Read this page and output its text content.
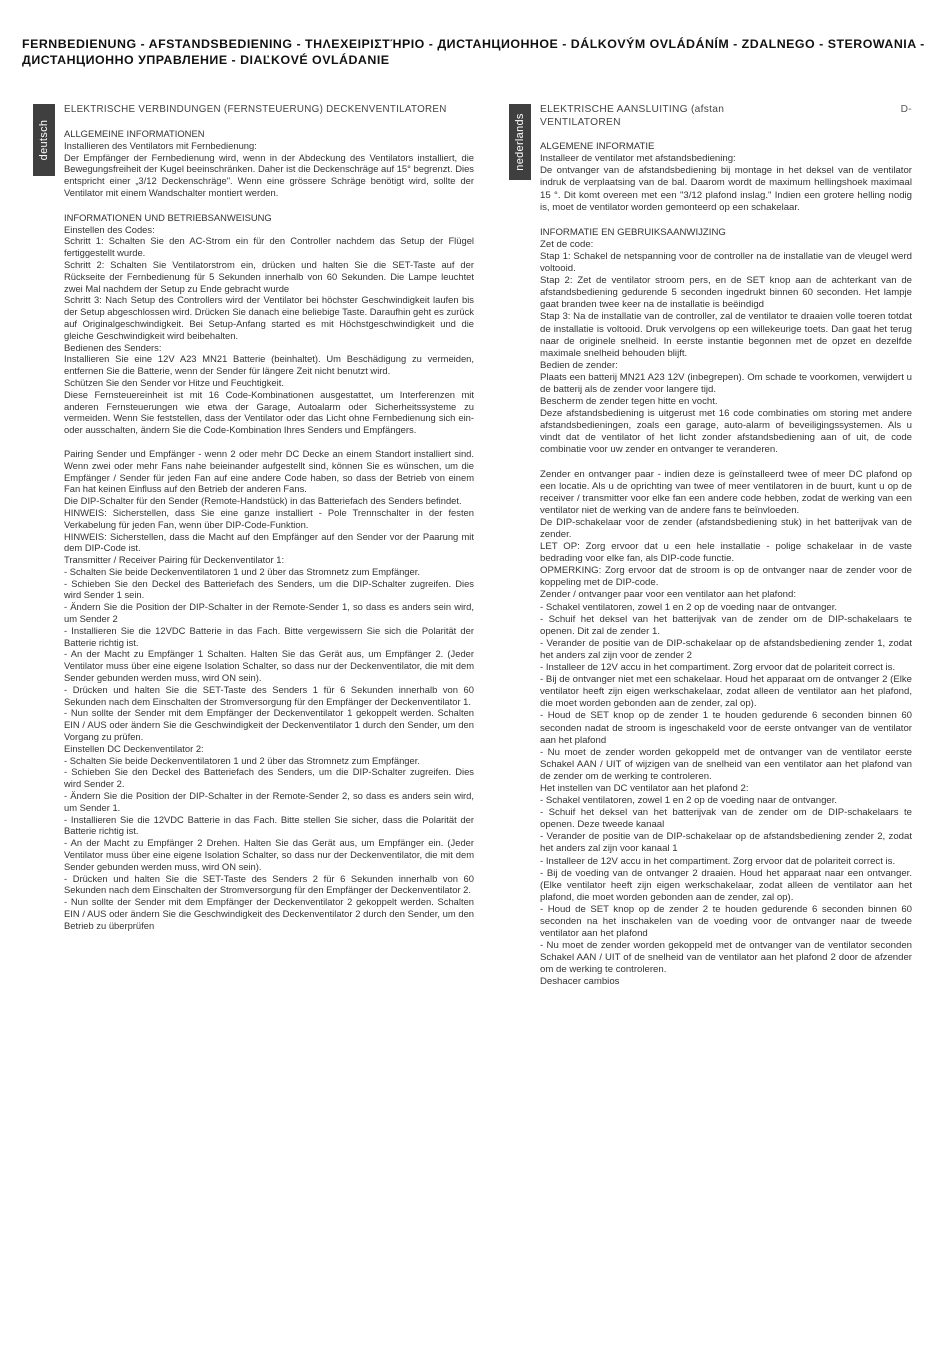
FERNBEDIENUNG - AFSTANDSBEDIENING - ΤΗΛΕΧΕΙΡΙΣΤΉΡΙΟ - ДИСТАНЦИОННОЕ - DÁLKOVÝM OVLÁDÁNÍM - ZDALNEGO - STEROWANIA - ДИСТАНЦИОННО УПРАВЛЕНИЕ - DIAĽKOVÉ OVLÁDANIE
deutsch	nederlands
ELEKTRISCHE VERBINDUNGEN (FERNSTEUERUNG) DECKENVENTILATOREN

ALLGEMEINE INFORMATIONEN

Installieren des Ventilators mit Fernbedienung:

Der Empfänger der Fernbedienung wird, wenn in der Abdeckung des Ventilators installiert, die Bewegungsfreiheit der Kugel beeinschränken. Daher ist die Deckenschräge auf 15° begrenzt. Dies entspricht einer „3/12 Deckenschräge". Wenn eine grössere Schräge benötigt wird, sollte der Ventilator mit einem Wandschalter montiert werden.

INFORMATIONEN UND BETRIEBSANWEISUNG

Einstellen des Codes:

Schritt 1: Schalten Sie den AC-Strom ein für den Controller nachdem das Setup der Flügel fertiggestellt wurde.

Schritt 2: Schalten Sie Ventilatorstrom ein, drücken und halten Sie die SET-Taste auf der Rückseite der Fernbedienung für 5 Sekunden innerhalb von 60 Sekunden. Die Lampe leuchtet zwei Mal nachdem der Setup zu Ende gebracht wurde

Schritt 3: Nach Setup des Controllers wird der Ventilator bei höchster Geschwindigkeit laufen bis der Setup abgeschlossen wird. Drücken Sie danach eine beliebige Taste. Daraufhin geht es zurück auf Originalgeschwindigkeit. Bei Setup-Anfang started es mit Höchstgeschwindigkeit und die gleiche Geschwindigkeit wird beibehalten.

Bedienen des Senders:

Installieren Sie eine 12V A23 MN21 Batterie (beinhaltet). Um Beschädigung zu vermeiden, entfernen Sie die Batterie, wenn der Sender für längere Zeit nicht benutzt wird.

Schützen Sie den Sender vor Hitze und Feuchtigkeit.

Diese Fernsteuereinheit ist mit 16 Code-Kombinationen ausgestattet, um Interferenzen mit anderen Fernsteuerungen wie etwa der Garage, Autoalarm oder Sicherheitssysteme zu vermeiden. Wenn Sie feststellen, dass der Ventilator oder das Licht ohne Fernbedienung sich ein- oder ausschalten, ändern Sie die Code-Kombination Ihres Senders und Empfängers.

Pairing Sender und Empfänger - wenn 2 oder mehr DC Decke an einem Standort installiert sind. Wenn zwei oder mehr Fans nahe beieinander aufgestellt sind, können Sie es wünschen, um die Empfänger / Sender für jeden Fan auf eine andere Code haben, so dass der Betrieb von einem Fan hat keinen Einfluss auf den Betrieb der anderen Fans.

Die DIP-Schalter für den Sender (Remote-Handstück) in das Batteriefach des Senders befindet.

HINWEIS: Sicherstellen, dass Sie eine ganze installiert - Pole Trennschalter in der festen Verkabelung für jeden Fan, wenn über DIP-Code-Funktion.

HINWEIS: Sicherstellen, dass die Macht auf den Empfänger auf den Sender vor der Paarung mit dem DIP-Code ist.

Transmitter / Receiver Pairing für Deckenventilator 1:

- Schalten Sie beide Deckenventilatoren 1 und 2 über das Stromnetz zum Empfänger.

- Schieben Sie den Deckel des Batteriefach des Senders, um die DIP-Schalter zugreifen. Dies wird Sender 1 sein.

- Ändern Sie die Position der DIP-Schalter in der Remote-Sender 1, so dass es anders sein wird, um Sender 2

- Installieren Sie die 12VDC Batterie in das Fach. Bitte vergewissern Sie sich die Polarität der Batterie richtig ist.

- An der Macht zu Empfänger 1 Schalten. Halten Sie das Gerät aus, um Empfänger 2. (Jeder Ventilator muss über eine eigene Isolation Schalter, so dass nur der Deckenventilator, die mit dem Sender gebunden werden muss, wird ON sein).

- Drücken und halten Sie die SET-Taste des Senders 1 für 6 Sekunden innerhalb von 60 Sekunden nach dem Einschalten der Stromversorgung für den Empfänger der Deckenventilator 1.

- Nun sollte der Sender mit dem Empfänger der Deckenventilator 1 gekoppelt werden. Schalten EIN / AUS oder ändern Sie die Geschwindigkeit der Deckenventilator 1 durch den Sender, um den Vorgang zu prüfen.

Einstellen DC Deckenventilator 2:

- Schalten Sie beide Deckenventilatoren 1 und 2 über das Stromnetz zum Empfänger.

- Schieben Sie den Deckel des Batteriefach des Senders, um die DIP-Schalter zugreifen. Dies wird Sender 2.

- Ändern Sie die Position der DIP-Schalter in der Remote-Sender 2, so dass es anders sein wird, um Sender 1.

- Installieren Sie die 12VDC Batterie in das Fach. Bitte stellen Sie sicher, dass die Polarität der Batterie richtig ist.

- An der Macht zu Empfänger 2 Drehen. Halten Sie das Gerät aus, um Empfänger ein. (Jeder Ventilator muss über eine eigene Isolation Schalter, so dass nur der Deckenventilator, die mit dem Sender gebunden werden muss, wird ON sein).

- Drücken und halten Sie die SET-Taste des Senders 2 für 6 Sekunden innerhalb von 60 Sekunden nach dem Einschalten der Stromversorgung für den Empfänger der Deckenventilator 2.

- Nun sollte der Sender mit dem Empfänger der Deckenventilator 2 gekoppelt werden. Schalten EIN / AUS oder ändern Sie die Geschwindigkeit des Deckenventilator 2 durch den Sender, um den Betrieb zu überprüfen

ELEKTRISCHE AANSLUITING (afstan	D-

VENTILATOREN

ALGEMENE INFORMATIE

Installeer de ventilator met afstandsbediening:

De ontvanger van de afstandsbediening bij montage in het deksel van de ventilator indruk de verplaatsing van de bal. Daarom wordt de maximum hellingshoek maximaal 15 °. Dit komt overeen met een "3/12 plafond inslag." Indien een grotere helling nodig is, moet de ventilator worden gemonteerd op een schakelaar.

INFORMATIE EN GEBRUIKSAANWIJZING

Zet de code:

Stap 1: Schakel de netspanning voor de controller na de installatie van de vleugel werd voltooid.

Stap 2: Zet de ventilator stroom pers, en de SET knop aan de achterkant van de afstandsbediening gedurende 5 seconden ingedrukt binnen 60 seconden. Het lampje gaat branden twee keer na de installatie is beëindigd

Stap 3: Na de installatie van de controller, zal de ventilator te draaien volle toeren totdat de installatie is voltooid. Druk vervolgens op een willekeurige toets. Dan gaat het terug naar de originele snelheid. In eerste instantie begonnen met de opzet en dezelfde maximale snelheid behouden blijft.

Bedien de zender:

Plaats een batterij MN21 A23 12V (inbegrepen). Om schade te voorkomen, verwijdert u de batterij als de zender voor langere tijd.

Bescherm de zender tegen hitte en vocht.

Deze afstandsbediening is uitgerust met 16 code combinaties om storing met andere afstandsbedieningen, zoals een garage, auto-alarm of beveiligingssystemen. Als u vindt dat de ventilator of het licht zonder afstandsbediening aan of uit, de code combinatie voor uw zender en ontvanger te veranderen.

Zender en ontvanger paar - indien deze is geïnstalleerd twee of meer DC plafond op een locatie. Als u de oprichting van twee of meer ventilatoren in de buurt, kunt u op de receiver / transmitter voor elke fan een andere code hebben, zodat de werking van een ventilator niet de werking van de andere fans te beïnvloeden.

De DIP-schakelaar voor de zender (afstandsbediening stuk) in het batterijvak van de zender.

LET OP: Zorg ervoor dat u een hele installatie - polige schakelaar in de vaste bedrading voor elke fan, als DIP-code functie.

OPMERKING: Zorg ervoor dat de stroom is op de ontvanger naar de zender voor de koppeling met de DIP-code.

Zender / ontvanger paar voor een ventilator aan het plafond:

- Schakel ventilatoren, zowel 1 en 2 op de voeding naar de ontvanger.

- Schuif het deksel van het batterijvak van de zender om de DIP-schakelaars te openen. Dit zal de zender 1.

- Verander de positie van de DIP-schakelaar op de afstandsbediening zender 1, zodat het anders zal zijn voor de zender 2

- Installeer de 12V accu in het compartiment. Zorg ervoor dat de polariteit correct is.

- Bij de ontvanger niet met een schakelaar. Houd het apparaat om de ontvanger 2 (Elke ventilator heeft zijn eigen werkschakelaar, zodat alleen de ventilator aan het plafond, die moet worden gebonden aan de zender, zal op).

- Houd de SET knop op de zender 1 te houden gedurende 6 seconden binnen 60 seconden nadat de stroom is ingeschakeld voor de eerste ontvanger van de ventilator aan het plafond

- Nu moet de zender worden gekoppeld met de ontvanger van de ventilator eerste Schakel AAN / UIT of wijzigen van de snelheid van een ventilator aan het plafond van de zender om de werking te controleren.

Het instellen van DC ventilator aan het plafond 2:

- Schakel ventilatoren, zowel 1 en 2 op de voeding naar de ontvanger.

- Schuif het deksel van het batterijvak van de zender om de DIP-schakelaars te openen. Deze tweede kanaal

- Verander de positie van de DIP-schakelaar op de afstandsbediening zender 2, zodat het anders zal zijn voor kanaal 1

- Installeer de 12V accu in het compartiment. Zorg ervoor dat de polariteit correct is.

- Bij de voeding van de ontvanger 2 draaien. Houd het apparaat naar een ontvanger. (Elke ventilator heeft zijn eigen werkschakelaar, zodat alleen de ventilator aan het plafond, die moet worden gebonden aan de zender, zal op).

- Houd de SET knop op de zender 2 te houden gedurende 6 seconden binnen 60 seconden na het inschakelen van de voeding voor de ontvanger naar de tweede ventilator aan het plafond

- Nu moet de zender worden gekoppeld met de ontvanger van de ventilator seconden Schakel AAN / UIT of de snelheid van de ventilator aan het plafond 2 door de afzender om de werking te controleren.

Deshacer cambios
